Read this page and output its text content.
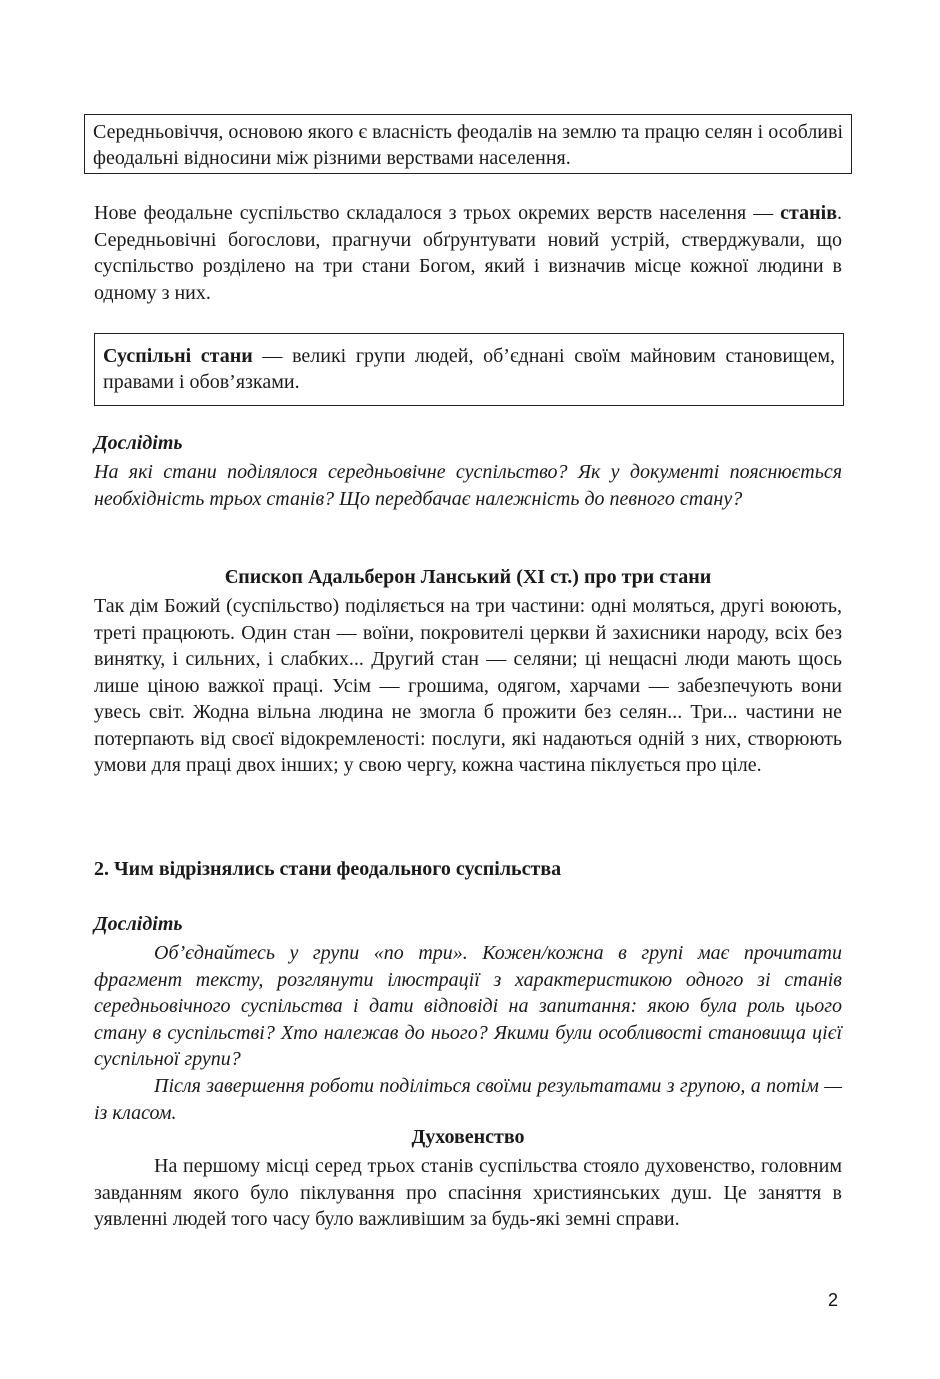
Середньовіччя, основою якого є власність феодалів на землю та працю селян і особливі феодальні відносини між різними верствами населення.

Нове феодальне суспільство складалося з трьох окремих верств населення — станів. Середньовічні богослови, прагнучи обґрунтувати новий устрій, стверджували, що суспільство розділено на три стани Богом, який і визначив місце кожної людини в одному з них.

Суспільні стани — великі групи людей, об’єднані своїм майновим становищем, правами і обов’язками.

Дослідіть

На які стани поділялося середньовічне суспільство? Як у документі пояснюється необхідність трьох станів? Що передбачає належність до певного стану?

Єпископ Адальберон Ланський (XI ст.) про три стани

Так дім Божий (суспільство) поділяється на три частини: одні моляться, другі воюють, треті працюють. Один стан — воїни, покровителі церкви й захисники народу, всіх без винятку, і сильних, і слабких... Другий стан — селяни; ці нещасні люди мають щось лише ціною важкої праці. Усім — грошима, одягом, харчами — забезпечують вони увесь світ. Жодна вільна людина не змогла б прожити без селян... Три... частини не потерпають від своєї відокремленості: послуги, які надаються одній з них, створюють умови для праці двох інших; у свою чергу, кожна частина піклується про ціле.

2. Чим відрізнялись стани феодального суспільства

Дослідіть

Об’єднайтесь у групи «по три». Кожен/кожна в групі має прочитати фрагмент тексту, розглянути ілюстрації з характеристикою одного зі станів середньовічного суспільства і дати відповіді на запитання: якою була роль цього стану в суспільстві? Хто належав до нього? Якими були особливості становища цієї суспільної групи?

Після завершення роботи поділіться своїми результатами з групою, а потім — із класом.

Духовенство

На першому місці серед трьох станів суспільства стояло духовенство, головним завданням якого було піклування про спасіння християнських душ. Це заняття в уявленні людей того часу було важливішим за будь-які земні справи.

2
